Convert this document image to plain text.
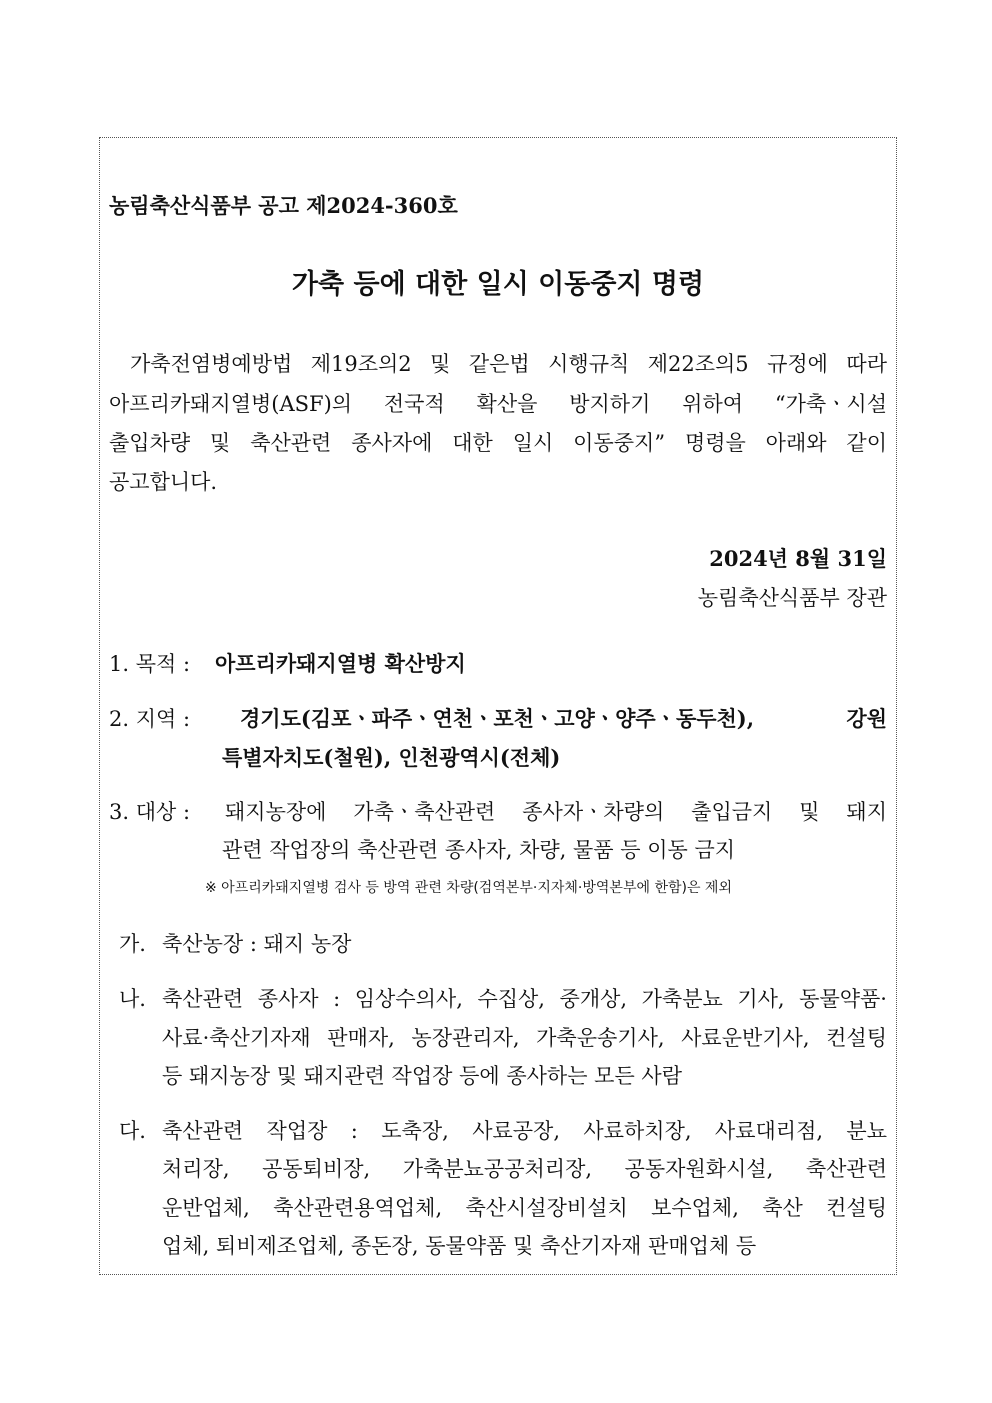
농림축산식품부 공고 제2024-360호
가축 등에 대한 일시 이동중지 명령
가축전염병예방법 제19조의2 및 같은법 시행규칙 제22조의5 규정에 따라
아프리카돼지열병(ASF)의 전국적 확산을 방지하기 위하여 “가축ㆍ시설
출입차량 및 축산관련 종사자에 대한 일시 이동중지” 명령을 아래와 같이
공고합니다.
2024년 8월 31일
농림축산식품부 장관
1. 목적 : 아프리카돼지열병 확산방지
2. 지역 :	경기도(김포ㆍ파주ㆍ연천ㆍ포천ㆍ고양ㆍ양주ㆍ동두천), 강원
특별자치도(철원), 인천광역시(전체)
3. 대상 : 돼지농장에 가축ㆍ축산관련 종사자ㆍ차량의 출입금지 및 돼지
관련 작업장의 축산관련 종사자, 차량, 물품 등 이동 금지
※ 아프리카돼지열병 검사 등 방역 관련 차량(검역본부·지자체·방역본부에 한함)은 제외
가. 축산농장 : 돼지 농장
나. 축산관련 종사자 : 임상수의사, 수집상, 중개상, 가축분뇨 기사, 동물약품·
사료·축산기자재 판매자, 농장관리자, 가축운송기사, 사료운반기사, 컨설팅
등 돼지농장 및 돼지관련 작업장 등에 종사하는 모든 사람
다. 축산관련 작업장 : 도축장, 사료공장, 사료하치장, 사료대리점, 분뇨
처리장, 공동퇴비장, 가축분뇨공공처리장, 공동자원화시설, 축산관련
운반업체, 축산관련용역업체, 축산시설장비설치 보수업체, 축산 컨설팅
업체, 퇴비제조업체, 종돈장, 동물약품 및 축산기자재 판매업체 등
